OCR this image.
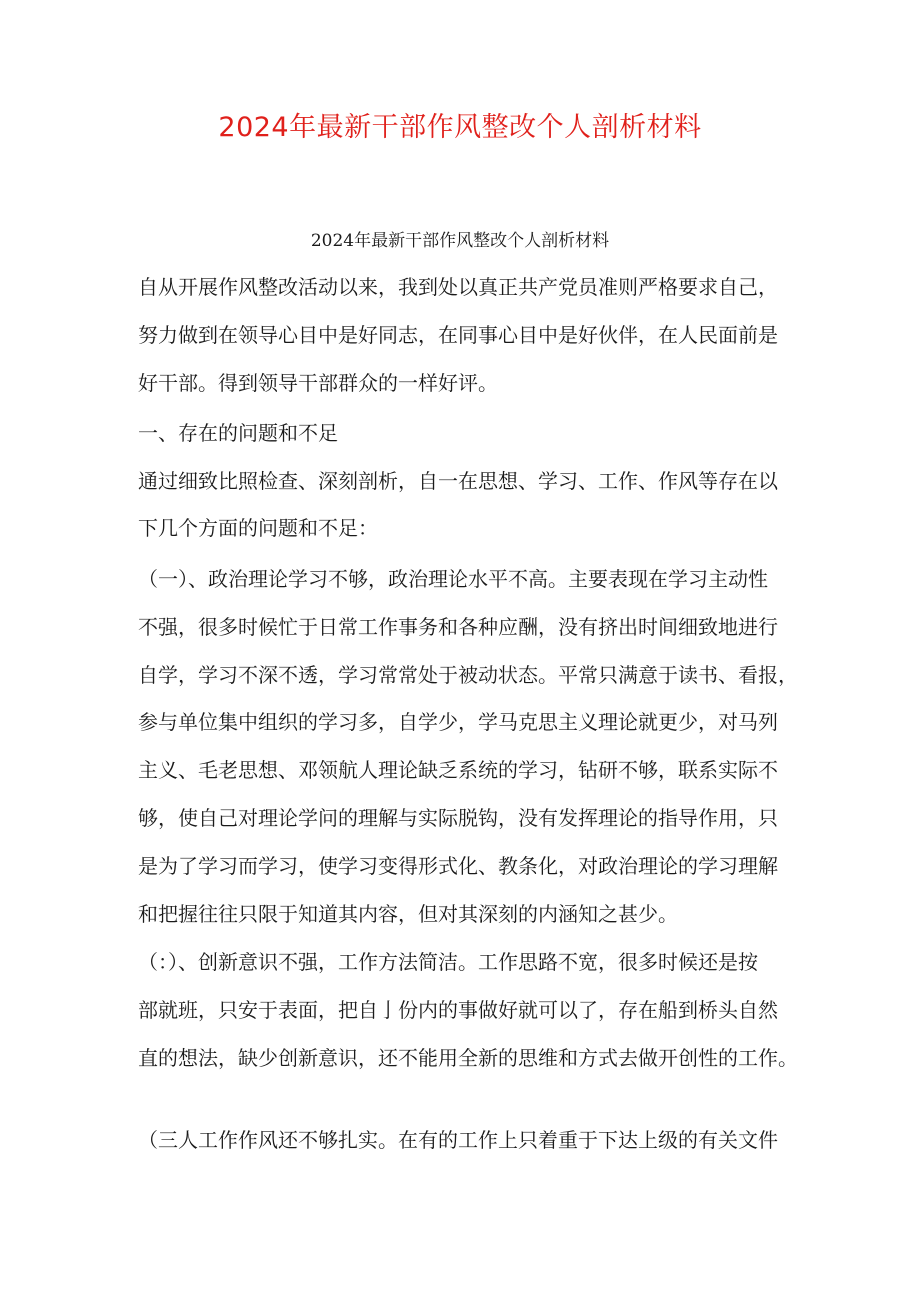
2024年最新干部作风整改个人剖析材料
2024年最新干部作风整改个人剖析材料

自从开展作风整改活动以来，我到处以真正共产党员准则严格要求自己，

努力做到在领导心目中是好同志，在同事心目中是好伙伴，在人民面前是

好干部。得到领导干部群众的一样好评。

一、存在的问题和不足

通过细致比照检查、深刻剖析，自一在思想、学习、工作、作风等存在以

下几个方面的问题和不足：

（一）、政治理论学习不够，政治理论水平不高。主要表现在学习主动性

不强，很多时候忙于日常工作事务和各种应酬，没有挤出时间细致地进行

自学，学习不深不透，学习常常处于被动状态。平常只满意于读书、看报，

参与单位集中组织的学习多，自学少，学马克思主义理论就更少，对马列

主义、毛老思想、邓领航人理论缺乏系统的学习，钻研不够，联系实际不

够，使自己对理论学问的理解与实际脱钩，没有发挥理论的指导作用，只

是为了学习而学习，使学习变得形式化、教条化，对政治理论的学习理解

和把握往往只限于知道其内容，但对其深刻的内涵知之甚少。

（：）、创新意识不强，工作方法简洁。工作思路不宽，很多时候还是按

部就班，只安于表面，把自亅份内的事做好就可以了，存在船到桥头自然

直的想法，缺少创新意识，还不能用全新的思维和方式去做开创性的工作。

（三人工作作风还不够扎实。在有的工作上只着重于下达上级的有关文件
